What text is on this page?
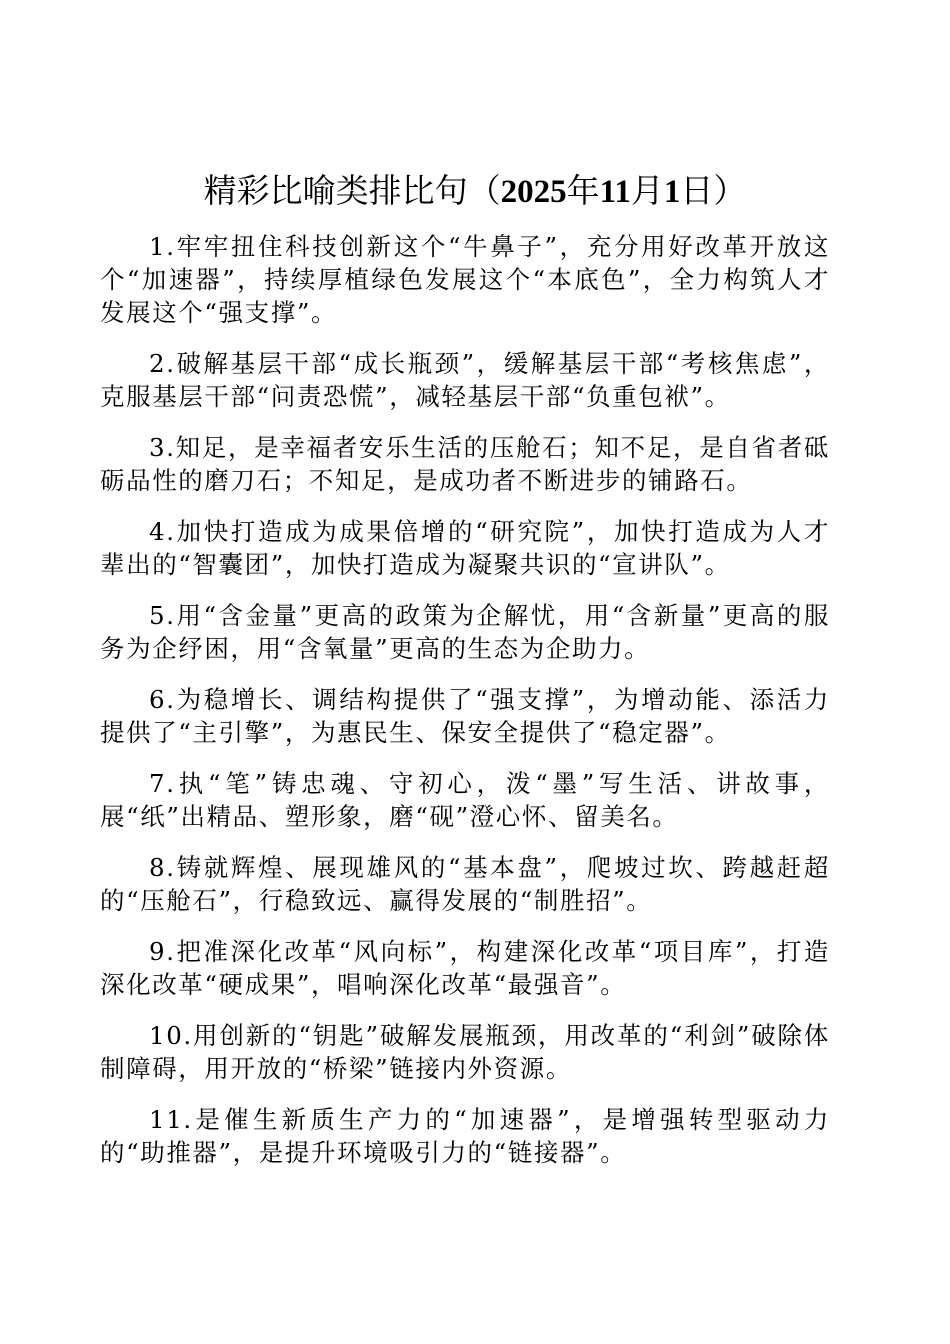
精彩比喻类排比句（2025年11月1日）

1.牢牢扭住科技创新这个“牛鼻子”，充分用好改革开放这个“加速器”，持续厚植绿色发展这个“本底色”，全力构筑人才发展这个“强支撑”。

2.破解基层干部“成长瓶颈”，缓解基层干部“考核焦虑”，克服基层干部“问责恐慌”，减轻基层干部“负重包袱”。

3.知足，是幸福者安乐生活的压舱石；知不足，是自省者砥砺品性的磨刀石；不知足，是成功者不断进步的铺路石。

4.加快打造成为成果倍增的“研究院”，加快打造成为人才辈出的“智囊团”，加快打造成为凝聚共识的“宣讲队”。

5.用“含金量”更高的政策为企解忧，用“含新量”更高的服务为企纾困，用“含氧量”更高的生态为企助力。

6.为稳增长、调结构提供了“强支撑”，为增动能、添活力提供了“主引擎”，为惠民生、保安全提供了“稳定器”。

7.执“笔”铸忠魂、守初心，泼“墨”写生活、讲故事，展“纸”出精品、塑形象，磨“砚”澄心怀、留美名。

8.铸就辉煌、展现雄风的“基本盘”，爬坡过坎、跨越赶超的“压舱石”，行稳致远、赢得发展的“制胜招”。

9.把准深化改革“风向标”，构建深化改革“项目库”，打造深化改革“硬成果”，唱响深化改革“最强音”。

10.用创新的“钥匙”破解发展瓶颈，用改革的“利剑”破除体制障碍，用开放的“桥梁”链接内外资源。

11.是催生新质生产力的“加速器”，是增强转型驱动力的“助推器”，是提升环境吸引力的“链接器”。
